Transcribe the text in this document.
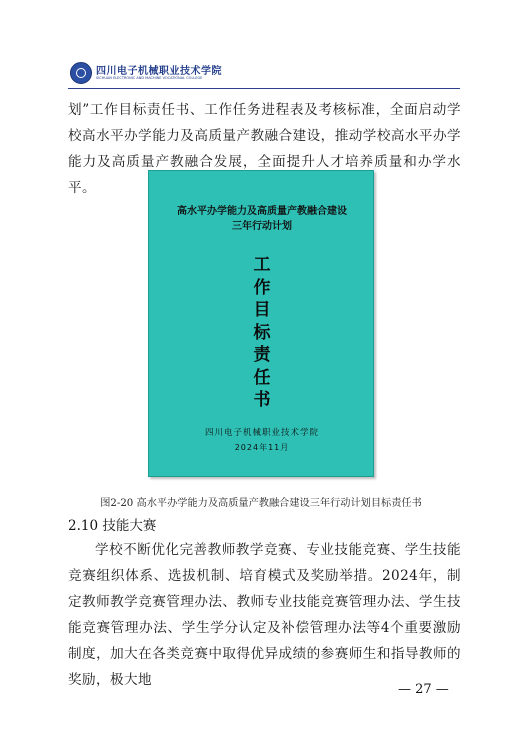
四川电子机械职业技术学院
SICHUAN ELECTRONIC AND MACHINE VOCATIONAL COLLEGE

划”工作目标责任书、工作任务进程表及考核标准，全面启动学校高水平办学能力及高质量产教融合建设，推动学校高水平办学能力及高质量产教融合发展，全面提升人才培养质量和办学水平。

高水平办学能力及高质量产教融合建设
三年行动计划
工
作
目
标
责
任
书
四川电子机械职业技术学院
2024年11月
图2-20 高水平办学能力及高质量产教融合建设三年行动计划目标责任书
2.10 技能大赛

学校不断优化完善教师教学竞赛、专业技能竞赛、学生技能竞赛组织体系、选拔机制、培育模式及奖励举措。2024年，制定教师教学竞赛管理办法、教师专业技能竞赛管理办法、学生技能竞赛管理办法、学生学分认定及补偿管理办法等4个重要激励制度，加大在各类竞赛中取得优异成绩的参赛师生和指导教师的奖励，极大地

— 27 —
